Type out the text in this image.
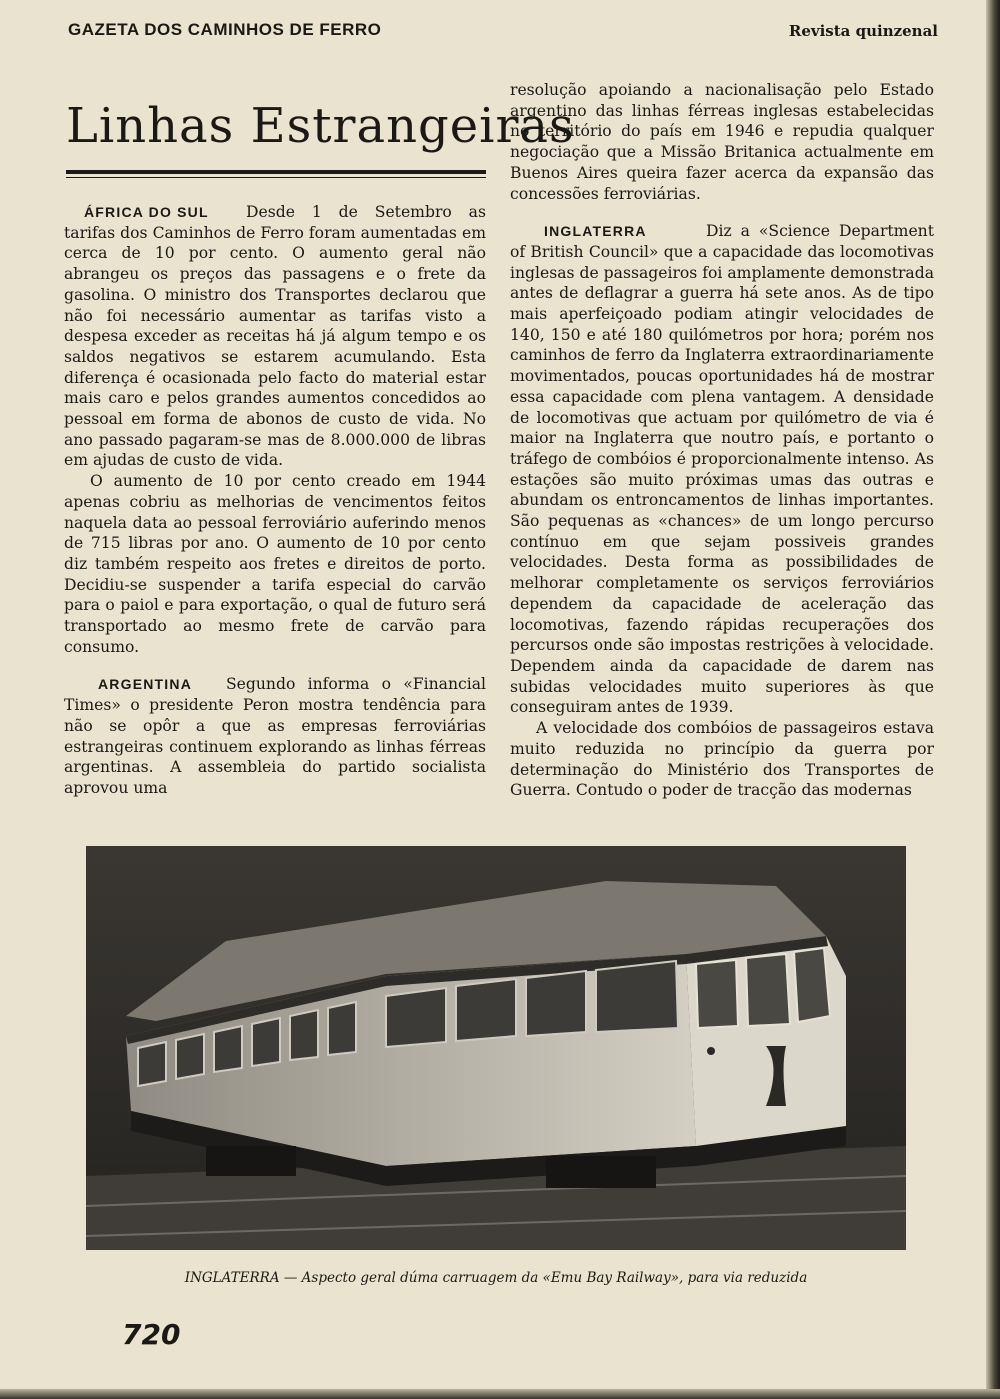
GAZETA DOS CAMINHOS DE FERRO	Revista quinzenal
Linhas Estrangeiras

ÁFRICA DO SUL	Desde 1 de Setembro as tarifas dos Caminhos de Ferro foram aumentadas em cerca de 10 por cento. O aumento geral não abrangeu os preços das passagens e o frete da gasolina. O ministro dos Transportes declarou que não foi necessário aumentar as tarifas visto a despesa exceder as receitas há já algum tempo e os saldos negativos se estarem acumulando. Esta diferença é ocasionada pelo facto do material estar mais caro e pelos grandes aumentos concedidos ao pessoal em forma de abonos de custo de vida. No ano passado pagaram-se mas de 8.000.000 de libras em ajudas de custo de vida.

O aumento de 10 por cento creado em 1944 apenas cobriu as melhorias de vencimentos feitos naquela data ao pessoal ferroviário auferindo menos de 715 libras por ano. O aumento de 10 por cento diz também respeito aos fretes e direitos de porto. Decidiu-se suspender a tarifa especial do carvão para o paiol e para exportação, o qual de futuro será transportado ao mesmo frete de carvão para consumo.

ARGENTINA	Segundo informa o «Financial Times» o presidente Peron mostra tendência para não se opôr a que as empresas ferroviárias estrangeiras continuem explorando as linhas férreas argentinas. A assembleia do partido socialista aprovou uma

resolução apoiando a nacionalisação pelo Estado argentino das linhas férreas inglesas estabelecidas no território do país em 1946 e repudia qualquer negociação que a Missão Britanica actualmente em Buenos Aires queira fazer acerca da expansão das concessões ferroviárias.

INGLATERRA	Diz a «Science Department of British Council» que a capacidade das locomotivas inglesas de passageiros foi amplamente demonstrada antes de deflagrar a guerra há sete anos. As de tipo mais aperfeiçoado podiam atingir velocidades de 140, 150 e até 180 quilómetros por hora; porém nos caminhos de ferro da Inglaterra extraordinariamente movimentados, poucas oportunidades há de mostrar essa capacidade com plena vantagem. A densidade de locomotivas que actuam por quilómetro de via é maior na Inglaterra que noutro país, e portanto o tráfego de combóios é proporcionalmente intenso. As estações são muito próximas umas das outras e abundam os entroncamentos de linhas importantes. São pequenas as «chances» de um longo percurso contínuo em que sejam possiveis grandes velocidades. Desta forma as possibilidades de melhorar completamente os serviços ferroviários dependem da capacidade de aceleração das locomotivas, fazendo rápidas recuperações dos percursos onde são impostas restrições à velocidade. Dependem ainda da capacidade de darem nas subidas velocidades muito superiores às que conseguiram antes de 1939.

A velocidade dos combóios de passageiros estava muito reduzida no princípio da guerra por determinação do Ministério dos Transportes de Guerra. Contudo o poder de tracção das modernas

INGLATERRA — Aspecto geral dúma carruagem da «Emu Bay Railway», para via reduzida
720
